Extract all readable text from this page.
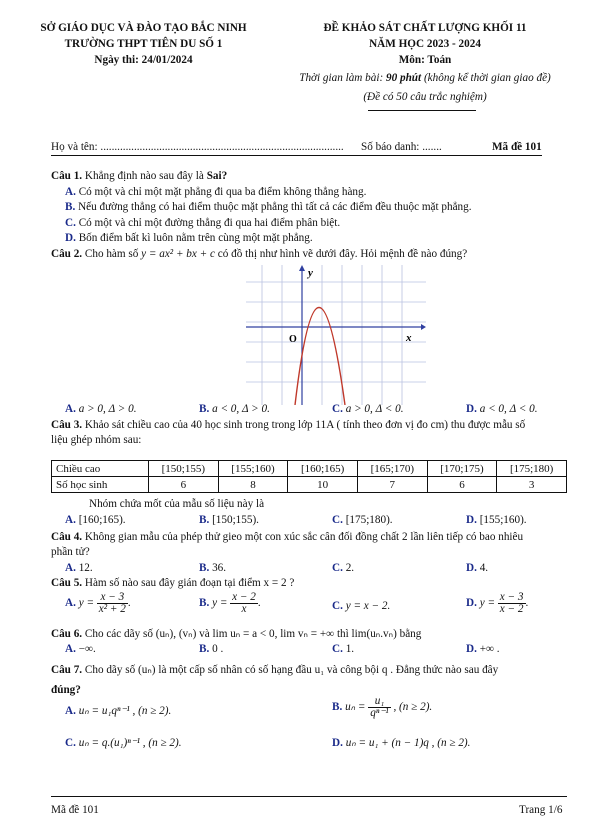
SỞ GIÁO DỤC VÀ ĐÀO TẠO BẮC NINH
TRƯỜNG THPT TIÊN DU SỐ 1
Ngày thi: 24/01/2024
ĐỀ KHẢO SÁT CHẤT LƯỢNG KHỐI 11
NĂM HỌC 2023 - 2024
Môn: Toán
Thời gian làm bài: 90 phút (không kể thời gian giao đề)
(Đề có 50 câu trắc nghiệm)
Họ và tên: ....................................................................................... Số báo danh: .......	Mã đề 101
Câu 1. Khẳng định nào sau đây là Sai?
A. Có một và chỉ một mặt phẳng đi qua ba điểm không thẳng hàng.
B. Nếu đường thẳng có hai điểm thuộc mặt phẳng thì tất cả các điểm đều thuộc mặt phẳng.
C. Có một và chỉ một đường thẳng đi qua hai điểm phân biệt.
D. Bốn điểm bất kì luôn nằm trên cùng một mặt phẳng.
Câu 2. Cho hàm số y = ax² + bx + c có đồ thị như hình vẽ dưới đây. Hỏi mệnh đề nào đúng?
y
x
O
A. a > 0, Δ > 0.	B. a < 0, Δ > 0.	C. a > 0, Δ < 0.	D. a < 0, Δ < 0.
Câu 3. Khảo sát chiều cao của 40 học sinh trong trong lớp 11A ( tính theo đơn vị đo cm) thu được mẫu số
liệu ghép nhóm sau:
Chiều cao	[150;155)	[155;160)	[160;165)	[165;170)	[170;175)	[175;180)
Số học sinh	6	8	10	7	6	3
Nhóm chứa mốt của mẫu số liệu này là
A. [160;165).	B. [150;155).	C. [175;180).	D. [155;160).
Câu 4. Không gian mẫu của phép thử gieo một con xúc sắc cân đối đồng chất 2 lần liên tiếp có bao nhiêu
phần tử?
A. 12.	B. 36.	C. 2.	D. 4.
Câu 5. Hàm số nào sau đây gián đoạn tại điểm x = 2 ?
A. $y = \frac{x - 3}{\text{x² + 2}}$ .	B. $y = \frac{x - 2}{x}$ .	C. y = x − 2.	D. $y = \frac{x - 3}{x - 2}$ .
Câu 6. Cho các dãy số (uₙ), (vₙ) và lim uₙ = a < 0, lim vₙ = +∞ thì lim(uₙ.vₙ) bằng
A. −∞.	B. 0 .	C. 1.	D. +∞ .
Câu 7. Cho dãy số (uₙ) là một cấp số nhân có số hạng đầu u₁ và công bội q . Đẳng thức nào sau đây
đúng?
A. uₙ = u₁qⁿ⁻¹ , (n ≥ 2).	B. $u_n = \frac{\text{u₁}}{\text{qⁿ⁻¹}}$ , (n ≥ 2).
C. uₙ = q.(u₁)ⁿ⁻¹ , (n ≥ 2).	D. uₙ = u₁ + (n − 1)q , (n ≥ 2).
Mã đề 101	Trang 1/6
